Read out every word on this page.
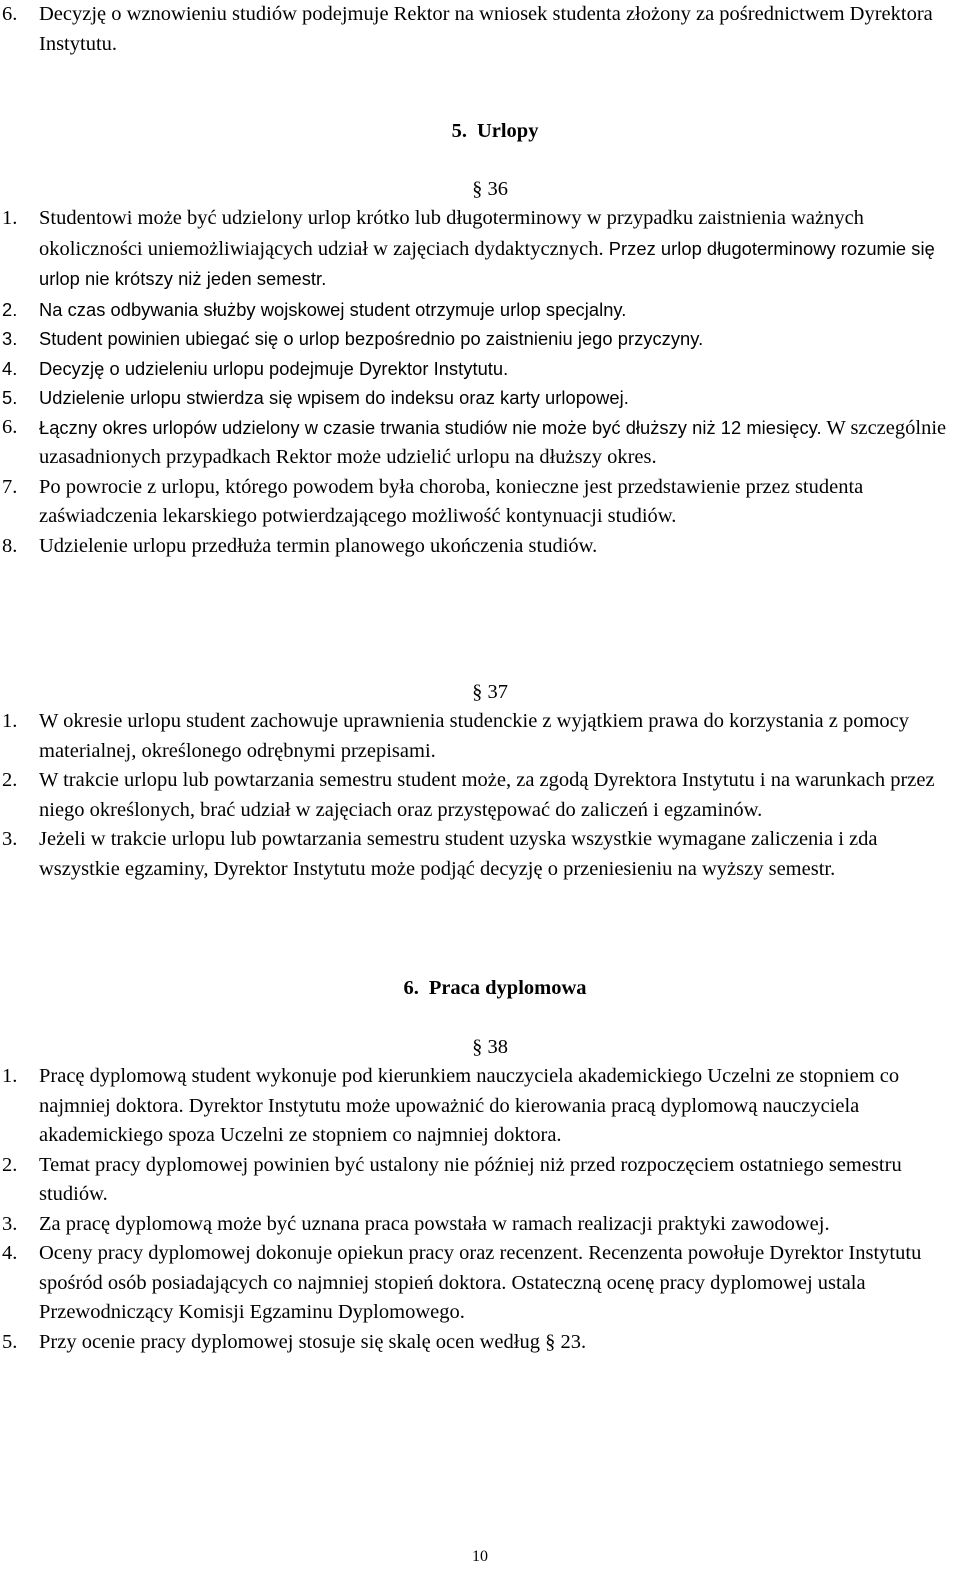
6. Decyzję o wznowieniu studiów podejmuje Rektor na wniosek studenta złożony za pośrednictwem Dyrektora Instytutu.
5. Urlopy
§ 36
1. Studentowi może być udzielony urlop krótko lub długoterminowy w przypadku zaistnienia ważnych okoliczności uniemożliwiających udział w zajęciach dydaktycznych. Przez urlop długoterminowy rozumie się urlop nie krótszy niż jeden semestr.
2. Na czas odbywania służby wojskowej student otrzymuje urlop specjalny.
3. Student powinien ubiegać się o urlop bezpośrednio po zaistnieniu jego przyczyny.
4. Decyzję o udzieleniu urlopu podejmuje Dyrektor Instytutu.
5. Udzielenie urlopu stwierdza się wpisem do indeksu oraz karty urlopowej.
6. Łączny okres urlopów udzielony w czasie trwania studiów nie może być dłuższy niż 12 miesięcy. W szczególnie uzasadnionych przypadkach Rektor może udzielić urlopu na dłuższy okres.
7. Po powrocie z urlopu, którego powodem była choroba, konieczne jest przedstawienie przez studenta zaświadczenia lekarskiego potwierdzającego możliwość kontynuacji studiów.
8. Udzielenie urlopu przedłuża termin planowego ukończenia studiów.
§ 37
1. W okresie urlopu student zachowuje uprawnienia studenckie z wyjątkiem prawa do korzystania z pomocy materialnej, określonego odrębnymi przepisami.
2. W trakcie urlopu lub powtarzania semestru student może, za zgodą Dyrektora Instytutu i na warunkach przez niego określonych, brać udział w zajęciach oraz przystępować do zaliczeń i egzaminów.
3. Jeżeli w trakcie urlopu lub powtarzania semestru student uzyska wszystkie wymagane zaliczenia i zda wszystkie egzaminy, Dyrektor Instytutu może podjąć decyzję o przeniesieniu na wyższy semestr.
6. Praca dyplomowa
§ 38
1. Pracę dyplomową student wykonuje pod kierunkiem nauczyciela akademickiego Uczelni ze stopniem co najmniej doktora. Dyrektor Instytutu może upoważnić do kierowania pracą dyplomową nauczyciela akademickiego spoza Uczelni ze stopniem co najmniej doktora.
2. Temat pracy dyplomowej powinien być ustalony nie później niż przed rozpoczęciem ostatniego semestru studiów.
3. Za pracę dyplomową może być uznana praca powstała w ramach realizacji praktyki zawodowej.
4. Oceny pracy dyplomowej dokonuje opiekun pracy oraz recenzent. Recenzenta powołuje Dyrektor Instytutu spośród osób posiadających co najmniej stopień doktora. Ostateczną ocenę pracy dyplomowej ustala Przewodniczący Komisji Egzaminu Dyplomowego.
5. Przy ocenie pracy dyplomowej stosuje się skalę ocen według § 23.
10
